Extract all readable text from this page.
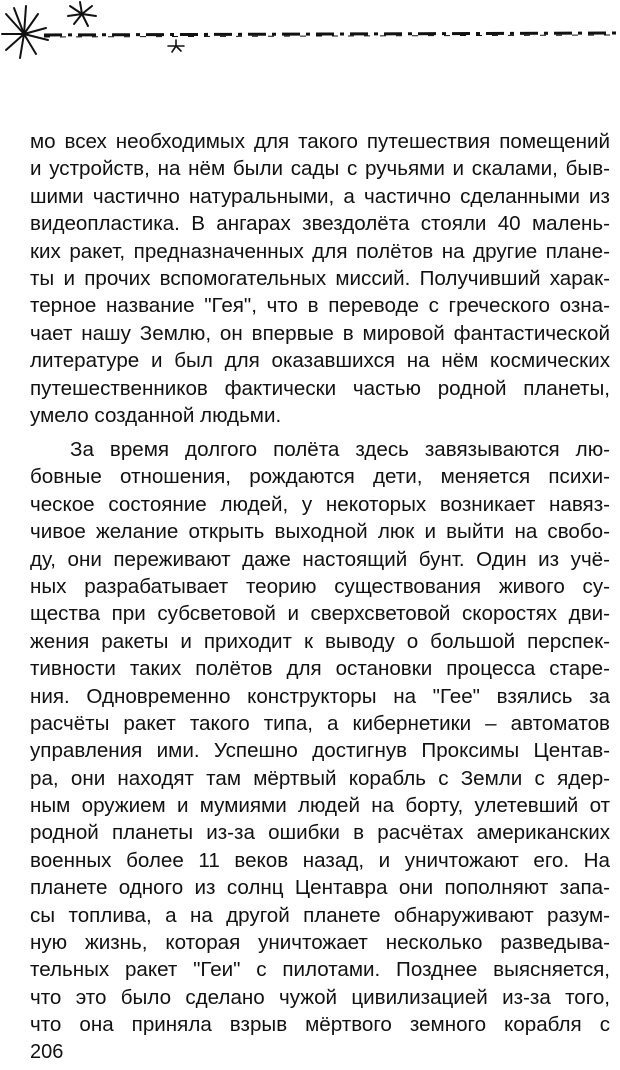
мо всех необходимых для такого путешествия помещений
и устройств, на нём были сады с ручьями и скалами, быв-
шими частично натуральными, а частично сделанными из
видеопластика. В ангарах звездолёта стояли 40 малень-
ких ракет, предназначенных для полётов на другие плане-
ты и прочих вспомогательных миссий. Получивший харак-
терное название "Гея", что в переводе с греческого озна-
чает нашу Землю, он впервые в мировой фантастической
литературе и был для оказавшихся на нём космических
путешественников фактически частью родной планеты,
умело созданной людьми.
За время долгого полёта здесь завязываются лю-
бовные отношения, рождаются дети, меняется психи-
ческое состояние людей, у некоторых возникает навяз-
чивое желание открыть выходной люк и выйти на свобо-
ду, они переживают даже настоящий бунт. Один из учё-
ных разрабатывает теорию существования живого су-
щества при субсветовой и сверхсветовой скоростях дви-
жения ракеты и приходит к выводу о большой перспек-
тивности таких полётов для остановки процесса старе-
ния. Одновременно конструкторы на "Гее" взялись за
расчёты ракет такого типа, а кибернетики – автоматов
управления ими. Успешно достигнув Проксимы Центав-
ра, они находят там мёртвый корабль с Земли с ядер-
ным оружием и мумиями людей на борту, улетевший от
родной планеты из-за ошибки в расчётах американских
военных более 11 веков назад, и уничтожают его. На
планете одного из солнц Центавра они пополняют запа-
сы топлива, а на другой планете обнаруживают разум-
ную жизнь, которая уничтожает несколько разведыва-
тельных ракет "Геи" с пилотами. Позднее выясняется,
что это было сделано чужой цивилизацией из-за того,
что она приняла взрыв мёртвого земного корабля с
206
